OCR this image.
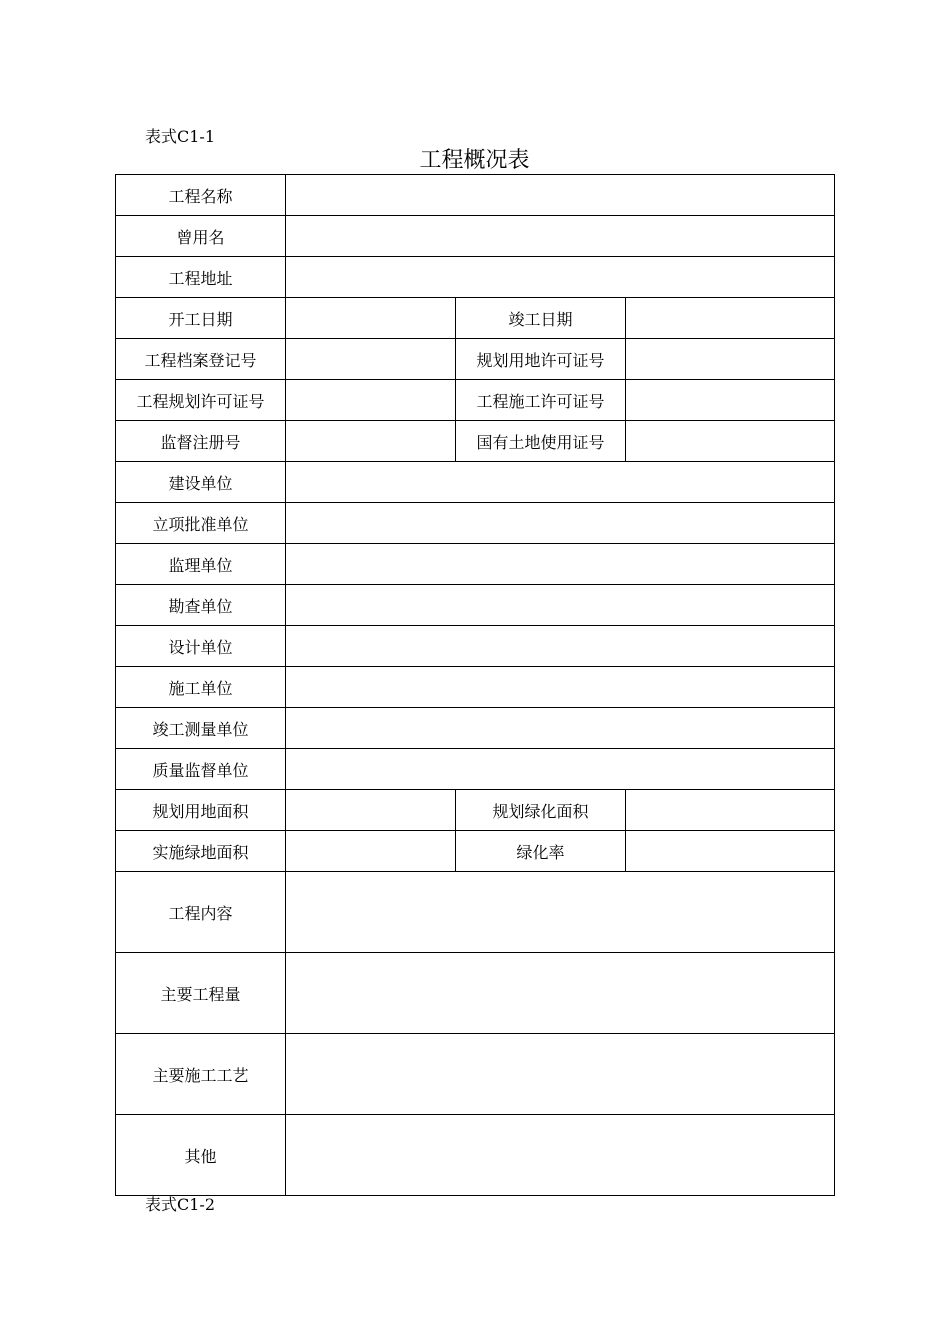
表式C1-1
工程概况表
工程名称			
曾用名			
工程地址			
开工日期		竣工日期	
工程档案登记号		规划用地许可证号	
工程规划许可证号		工程施工许可证号	
监督注册号		国有土地使用证号	
建设单位			
立项批准单位			
监理单位			
勘查单位			
设计单位			
施工单位			
竣工测量单位			
质量监督单位			
规划用地面积		规划绿化面积	
实施绿地面积		绿化率	
工程内容			
主要工程量			
主要施工工艺			
其他			
表式C1-2
